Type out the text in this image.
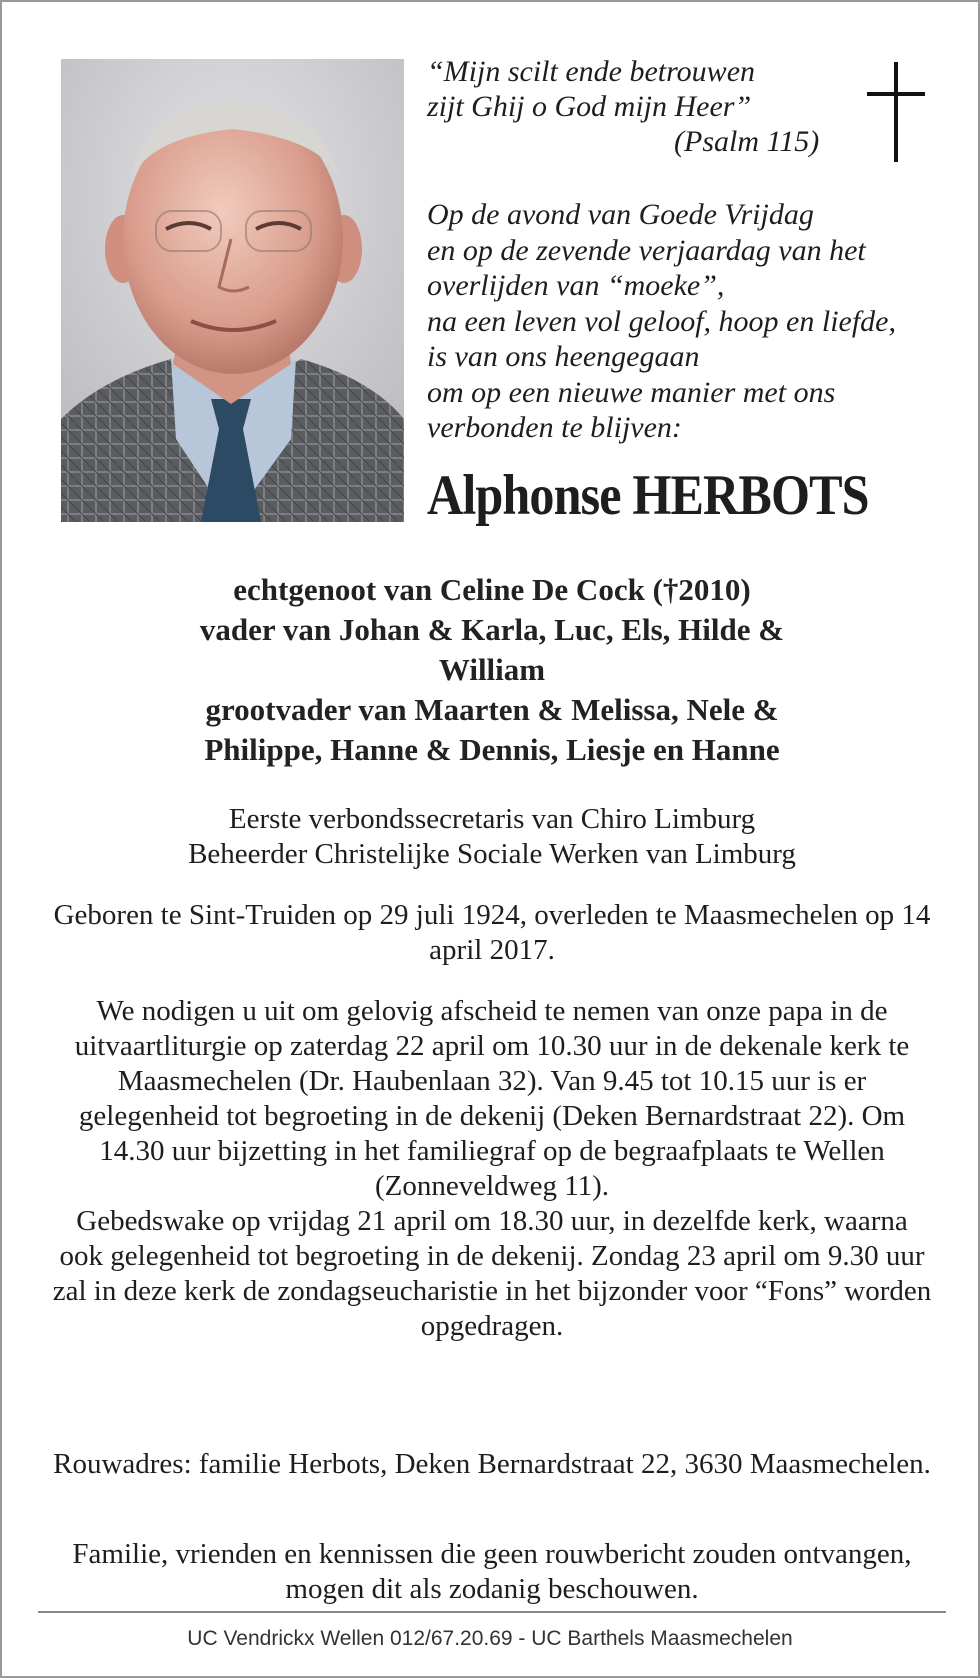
“Mijn scilt ende betrouwen
zijt Ghij o God mijn Heer”
(Psalm 115)
Op de avond van Goede Vrijdag
en op de zevende verjaardag van het
overlijden van “moeke”,
na een leven vol geloof, hoop en liefde,
is van ons heengegaan
om op een nieuwe manier met ons
verbonden te blijven:
Alphonse HERBOTS
echtgenoot van Celine De Cock (†2010)
vader van Johan & Karla, Luc, Els, Hilde &
William
grootvader van Maarten & Melissa, Nele &
Philippe, Hanne & Dennis, Liesje en Hanne
Eerste verbondssecretaris van Chiro Limburg
Beheerder Christelijke Sociale Werken van Limburg
Geboren te Sint-Truiden op 29 juli 1924, overleden te Maasmechelen op 14 april 2017.
We nodigen u uit om gelovig afscheid te nemen van onze papa in de uitvaartliturgie op zaterdag 22 april om 10.30 uur in de dekenale kerk te Maasmechelen (Dr. Haubenlaan 32). Van 9.45 tot 10.15 uur is er gelegenheid tot begroeting in de dekenij (Deken Bernardstraat 22). Om 14.30 uur bijzetting in het familiegraf op de begraafplaats te Wellen (Zonneveldweg 11).
Gebedswake op vrijdag 21 april om 18.30 uur, in dezelfde kerk, waarna ook gelegenheid tot begroeting in de dekenij. Zondag 23 april om 9.30 uur zal in deze kerk de zondagseucharistie in het bijzonder voor “Fons” worden opgedragen.
Rouwadres: familie Herbots, Deken Bernardstraat 22, 3630 Maasmechelen.
Familie, vrienden en kennissen die geen rouwbericht zouden ontvangen, mogen dit als zodanig beschouwen.
UC Vendrickx Wellen 012/67.20.69 - UC Barthels Maasmechelen
